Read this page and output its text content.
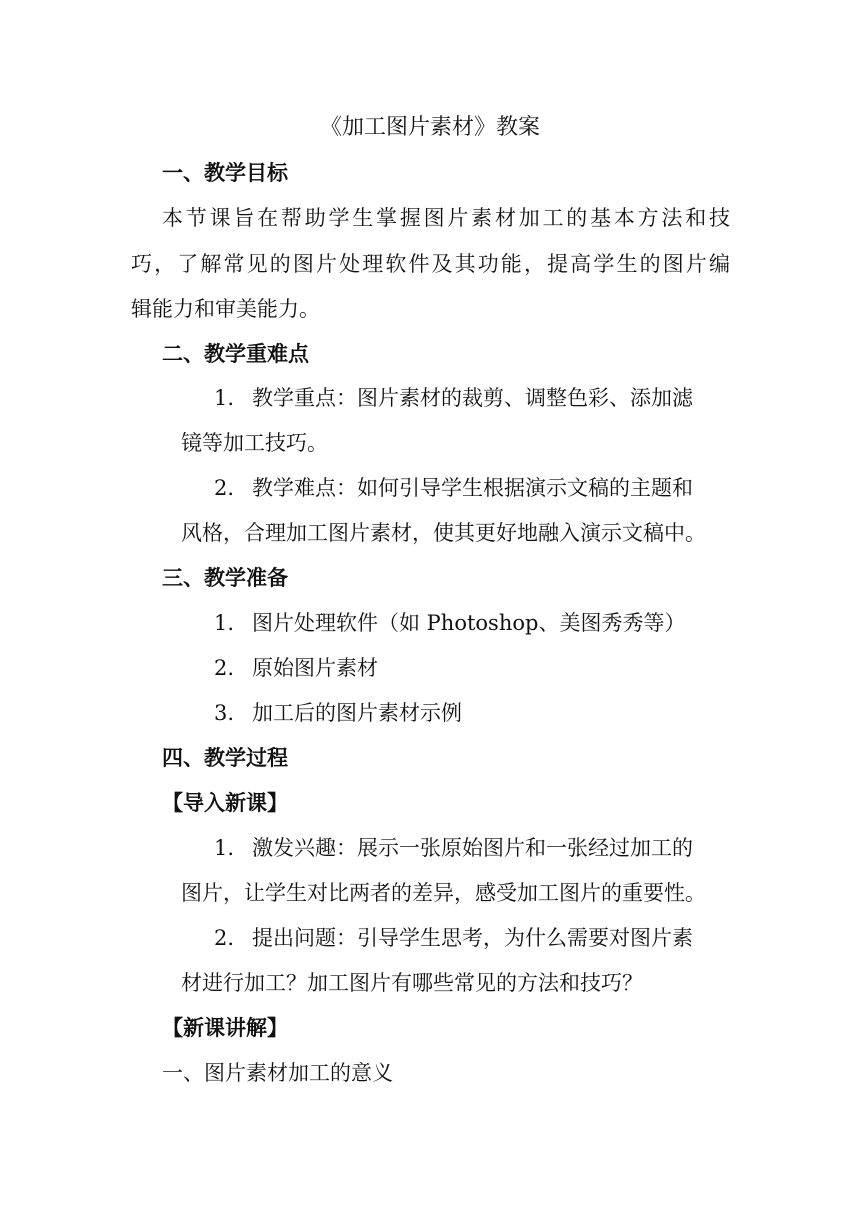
《加工图片素材》教案
一、教学目标
本节课旨在帮助学生掌握图片素材加工的基本方法和技
巧，了解常见的图片处理软件及其功能，提高学生的图片编
辑能力和审美能力。
二、教学重难点
1. 教学重点：图片素材的裁剪、调整色彩、添加滤
镜等加工技巧。
2. 教学难点：如何引导学生根据演示文稿的主题和
风格，合理加工图片素材，使其更好地融入演示文稿中。
三、教学准备
1. 图片处理软件（如 Photoshop、美图秀秀等）
2. 原始图片素材
3. 加工后的图片素材示例
四、教学过程
【导入新课】
1. 激发兴趣：展示一张原始图片和一张经过加工的
图片，让学生对比两者的差异，感受加工图片的重要性。
2. 提出问题：引导学生思考，为什么需要对图片素
材进行加工？加工图片有哪些常见的方法和技巧？
【新课讲解】
一、图片素材加工的意义
